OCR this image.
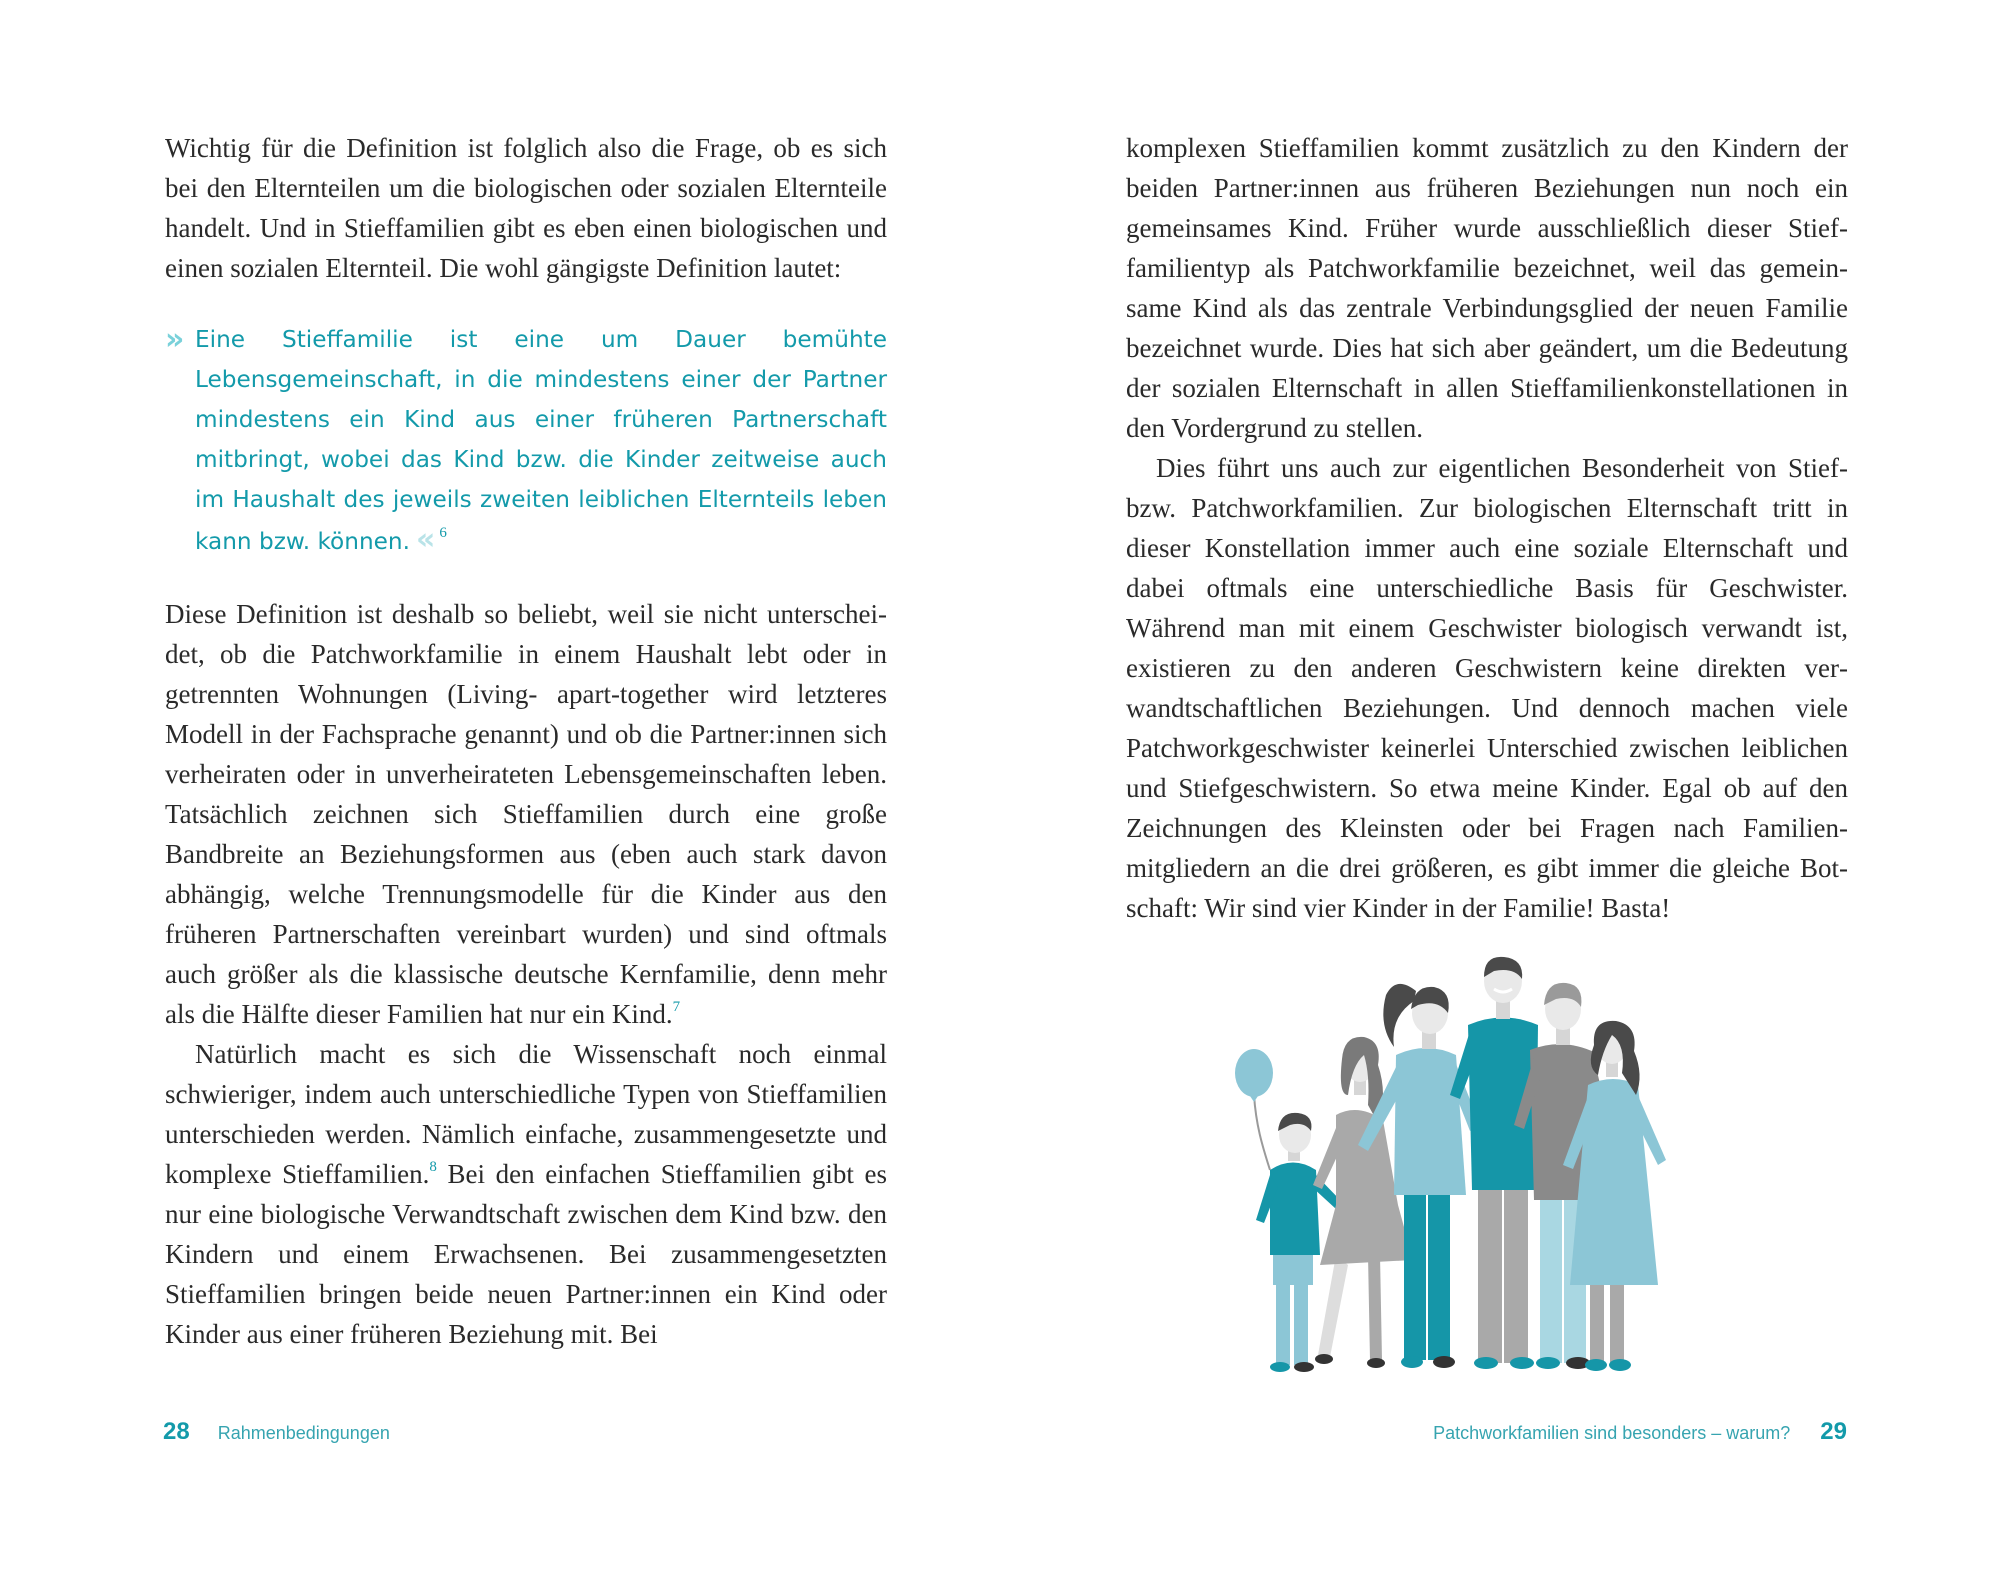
Wichtig für die Definition ist folglich also die Frage, ob es sich bei den Elternteilen um die biologischen oder sozialen Elternteile handelt. Und in Stieffamilien gibt es eben einen biologischen und einen sozialen Elternteil. Die wohl gängigste Definition lautet:

» Eine Stieffamilie ist eine um Dauer bemühte Lebensgemeinschaft, in die mindestens einer der Partner mindestens ein Kind aus einer früheren Partnerschaft mitbringt, wobei das Kind bzw. die Kinder zeitweise auch im Haushalt des jeweils zweiten leiblichen Elternteils leben kann bzw. können. « $^6$

Diese Definition ist deshalb so beliebt, weil sie nicht unterscheidet, ob die Patchworkfamilie in einem Haushalt lebt oder in getrennten Wohnungen (Living- apart-together wird letzteres Modell in der Fachsprache genannt) und ob die Partner:innen sich verheiraten oder in unverheirateten Lebensgemeinschaften leben. Tatsächlich zeichnen sich Stieffamilien durch eine große Bandbreite an Beziehungsformen aus (eben auch stark davon abhängig, welche Trennungsmodelle für die Kinder aus den früheren Partnerschaften vereinbart wurden) und sind oftmals auch größer als die klassische deutsche Kernfamilie, denn mehr als die Hälfte dieser Familien hat nur ein Kind.$^7$

Natürlich macht es sich die Wissenschaft noch einmal schwieriger, indem auch unterschiedliche Typen von Stieffamilien unterschieden werden. Nämlich einfache, zusammengesetzte und komplexe Stieffamilien.$^8$ Bei den einfachen Stieffamilien gibt es nur eine biologische Verwandtschaft zwischen dem Kind bzw. den Kindern und einem Erwachsenen. Bei zusammengesetzten Stieffamilien bringen beide neuen Partner:innen ein Kind oder Kinder aus einer früheren Beziehung mit. Bei

28 Rahmenbedingungen

komplexen Stieffamilien kommt zusätzlich zu den Kindern der beiden Partner:innen aus früheren Beziehungen nun noch ein gemeinsames Kind. Früher wurde ausschließlich dieser Stieffamilientyp als Patchworkfamilie bezeichnet, weil das gemeinsame Kind als das zentrale Verbindungsglied der neuen Familie bezeichnet wurde. Dies hat sich aber geändert, um die Bedeutung der sozialen Elternschaft in allen Stieffamilienkonstellationen in den Vordergrund zu stellen.

Dies führt uns auch zur eigentlichen Besonderheit von Stief- bzw. Patchworkfamilien. Zur biologischen Elternschaft tritt in dieser Konstellation immer auch eine soziale Elternschaft und dabei oftmals eine unterschiedliche Basis für Geschwister. Während man mit einem Geschwister biologisch verwandt ist, existieren zu den anderen Geschwistern keine direkten verwandtschaftlichen Beziehungen. Und dennoch machen viele Patchworkgeschwister keinerlei Unterschied zwischen leiblichen und Stiefgeschwistern. So etwa meine Kinder. Egal ob auf den Zeichnungen des Kleinsten oder bei Fragen nach Familienmitgliedern an die drei größeren, es gibt immer die gleiche Botschaft: Wir sind vier Kinder in der Familie! Basta!

Patchworkfamilien sind besonders – warum? 29
